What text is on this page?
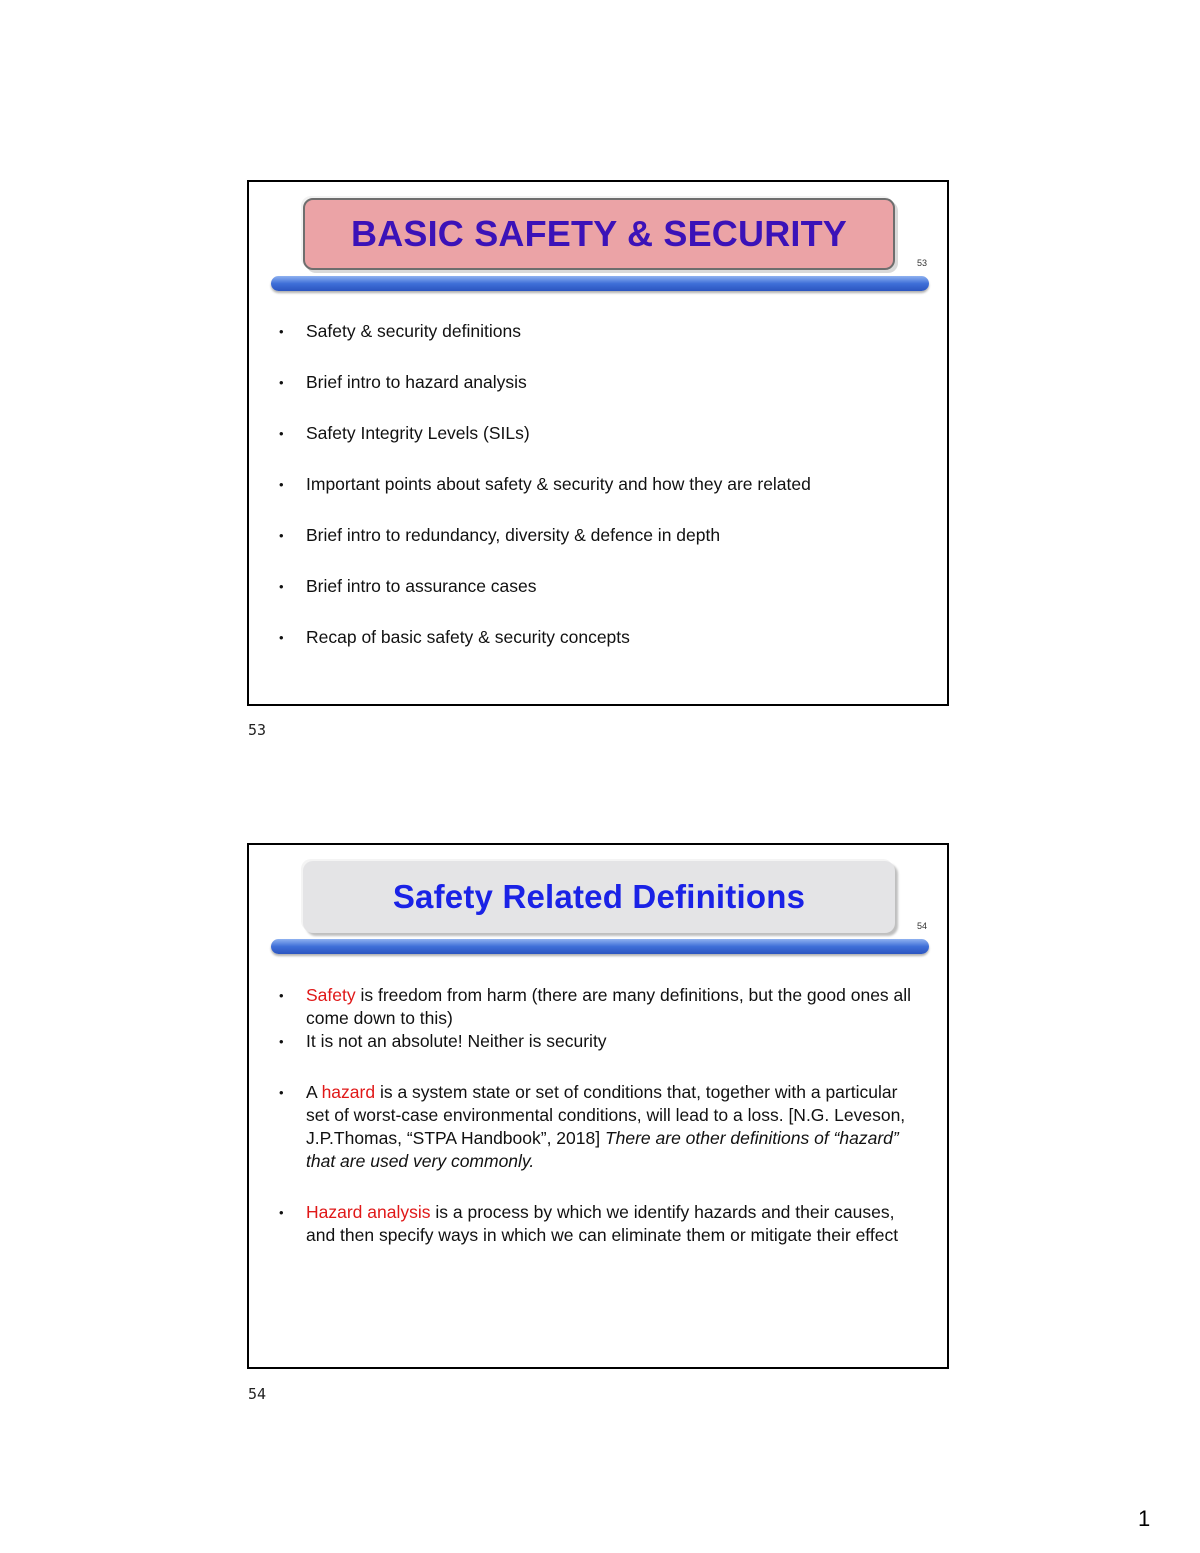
BASIC SAFETY & SECURITY
53
• Safety & security definitions
• Brief intro to hazard analysis
• Safety Integrity Levels (SILs)
• Important points about safety & security and how they are related
• Brief intro to redundancy, diversity & defence in depth
• Brief intro to assurance cases
• Recap of basic safety & security concepts
53
Safety Related Definitions
54
• Safety is freedom from harm (there are many definitions, but the good ones all come down to this)
• It is not an absolute! Neither is security
• A hazard is a system state or set of conditions that, together with a particular set of worst-case environmental conditions, will lead to a loss. [N.G. Leveson, J.P.Thomas, “STPA Handbook”, 2018] There are other definitions of “hazard” that are used very commonly.
• Hazard analysis is a process by which we identify hazards and their causes, and then specify ways in which we can eliminate them or mitigate their effect
54
1
